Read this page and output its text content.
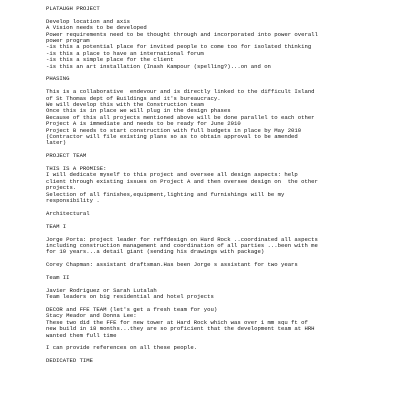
PLATAUGH PROJECT
Develop location and axis
A Vision needs to be developed
Power requirements need to be thought through and incorporated into power overall
power program
-is this a potential place for invited people to come too for isolated thinking
-is this a place to have an international forum
-is this a simple place for the client
-is this an art installation (Inash Kampour (spelling?)...on and on
PHASING
This is a collaborative  endevour and is directly linked to the difficult Island
of St Thomas dept of Buildings and it's bureaucracy.
We will develop this with the Construction team
Once this is in place we will plug in the design phases
Because of this all projects mentioned above will be done parallel to each other
Project A is immediate and needs to be ready for June 2010
Project B needs to start construction with full budgets in place by May 2010
(Contractor will file existing plans so as to obtain approval to be amended
later)
PROJECT TEAM
THIS IS A PROMISE:
I will dedicate myself to this project and oversee all design aspects: help
client through existing issues on Project A and then oversee design on  the other
projects.
Selection of all finishes,equipment,lighting and furnishings will be my
responsibility .
Architectural
TEAM I
Jorge Porta: project leader for reffdesign on Hard Rock ..coordinated all aspects
including construction management and coordination of all parties ...been with me
for 10 years...a detail giant (sending his drawings with package)
Corey Chapman: assistant draftsman.Has been Jorge s assistant for two years
Team II
Javier Rodriguez or Sarah Lutalah
Team leaders on big residential and hotel projects
DECOR and FFE TEAM (let's get a fresh team for you)
Stacy Meador and Donna Lee:
These two did the FFE for new tower at Hard Rock which was over 1 mm squ ft of
new build in 18 months...they are so proficient that the development team at HRH
wanted them full time
I can provide references on all these people.
DEDICATED TIME
